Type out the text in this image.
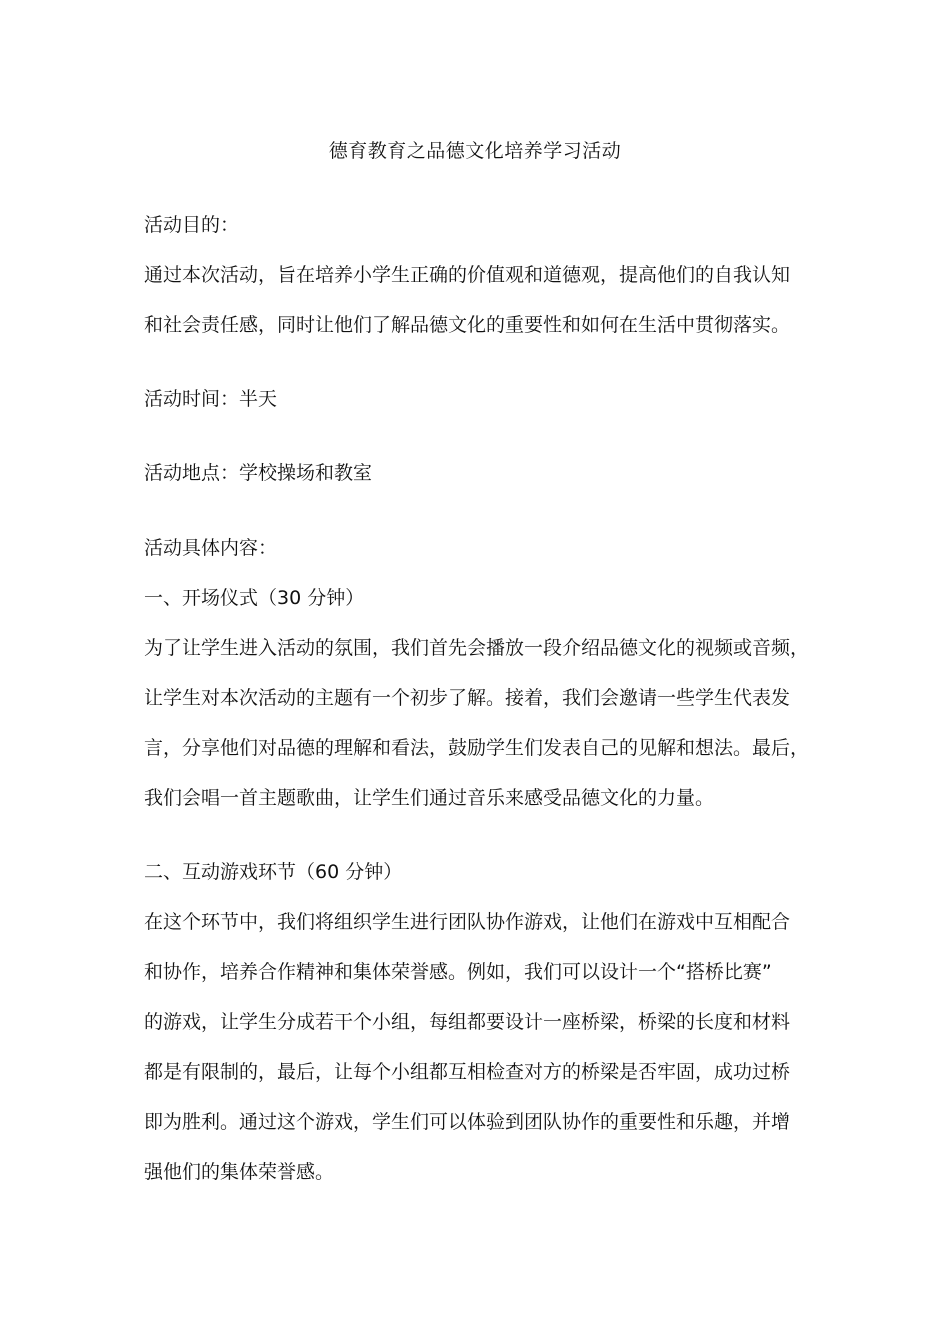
德育教育之品德文化培养学习活动
活动目的：
通过本次活动，旨在培养小学生正确的价值观和道德观，提高他们的自我认知
和社会责任感，同时让他们了解品德文化的重要性和如何在生活中贯彻落实。
活动时间：半天
活动地点：学校操场和教室
活动具体内容：
一、开场仪式（30 分钟）
为了让学生进入活动的氛围，我们首先会播放一段介绍品德文化的视频或音频，
让学生对本次活动的主题有一个初步了解。接着，我们会邀请一些学生代表发
言，分享他们对品德的理解和看法，鼓励学生们发表自己的见解和想法。最后，
我们会唱一首主题歌曲，让学生们通过音乐来感受品德文化的力量。
二、互动游戏环节（60 分钟）
在这个环节中，我们将组织学生进行团队协作游戏，让他们在游戏中互相配合
和协作，培养合作精神和集体荣誉感。例如，我们可以设计一个“搭桥比赛”
的游戏，让学生分成若干个小组，每组都要设计一座桥梁，桥梁的长度和材料
都是有限制的，最后，让每个小组都互相检查对方的桥梁是否牢固，成功过桥
即为胜利。通过这个游戏，学生们可以体验到团队协作的重要性和乐趣，并增
强他们的集体荣誉感。
